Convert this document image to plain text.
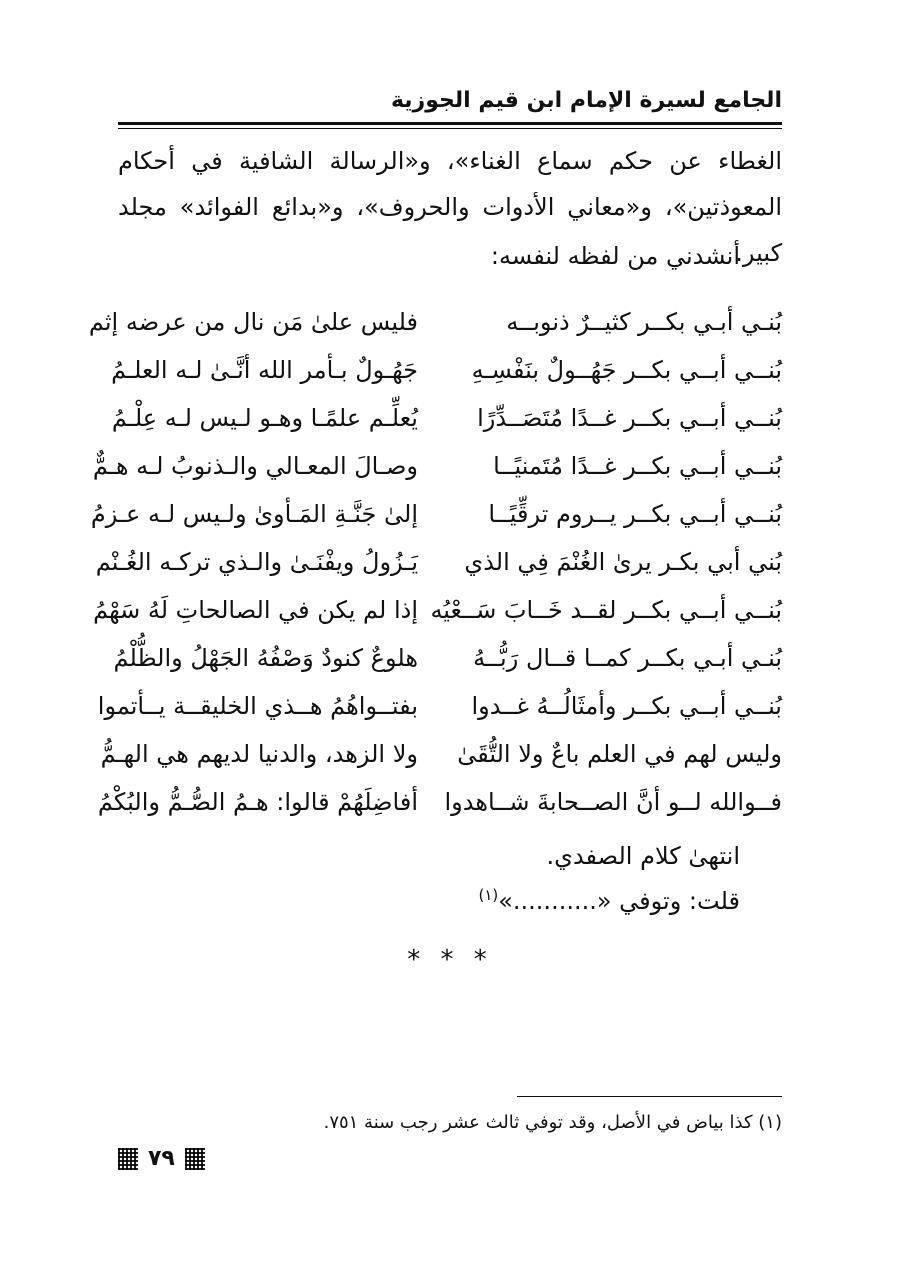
الجامع لسيرة الإمام ابن قيم الجوزية
الغطاء عن حكم سماع الغناء»، و«الرسالة الشافية في أحكام المعوذتين»، و«معاني الأدوات والحروف»، و«بدائع الفوائد» مجلد كبير.
أنشدني من لفظه لنفسه:
بُنـي أبـي بكــر كثيــرٌ ذنوبــه
فليس علىٰ مَن نال من عرضه إثم
بُنــي أبــي بكــر جَهُــولٌ بنَفْسِـهِ
جَهُـولٌ بـأمر الله أنَّـىٰ لـه العلـمُ
بُنــي أبــي بكــر غــدًا مُتَصَــدِّرًا
يُعلِّـم علمًـا وهـو لـيس لـه عِلْـمُ
بُنــي أبــي بكــر غــدًا مُتَمنيًــا
وصـالَ المعـالي والـذنوبُ لـه هـمٌّ
بُنــي أبــي بكــر يــروم ترقِّيًــا
إلىٰ جَنَّـةِ المَـأوىٰ ولـيس لـه عـزمُ
بُني أبي بكـر يرىٰ الغُنْمَ فِي الذي
يَـزُولُ ويفْنَـىٰ والـذي تركـه الغُـنْم
بُنــي أبــي بكــر لقــد خَــابَ سَــعْيُه
إذا لم يكن في الصالحاتِ لَهُ سَهْمُ
بُنـي أبـي بكــر كمــا قــال رَبُّــهُ
هلوعٌ كنودٌ وَصْفُهُ الجَهْلُ والظُّلْمُ
بُنــي أبــي بكــر وأمثَالُــهُ غــدوا
بفتــواهُمُ هــذي الخليقــة يــأتموا
وليس لهم في العلم باعٌ ولا التُّقَىٰ
ولا الزهد، والدنيا لديهم هي الهـمُّ
فــوالله لــو أنَّ الصــحابةَ شــاهدوا
أفاضِلَهُمْ قالوا: هـمُ الصُّـمُّ والبُكْمُ
انتهىٰ كلام الصفدي.
قلت: وتوفي «...........»$^{(١)}$
* * *
(١) كذا بياض في الأصل، وقد توفي ثالث عشر رجب سنة ٧٥١.
٧٩
